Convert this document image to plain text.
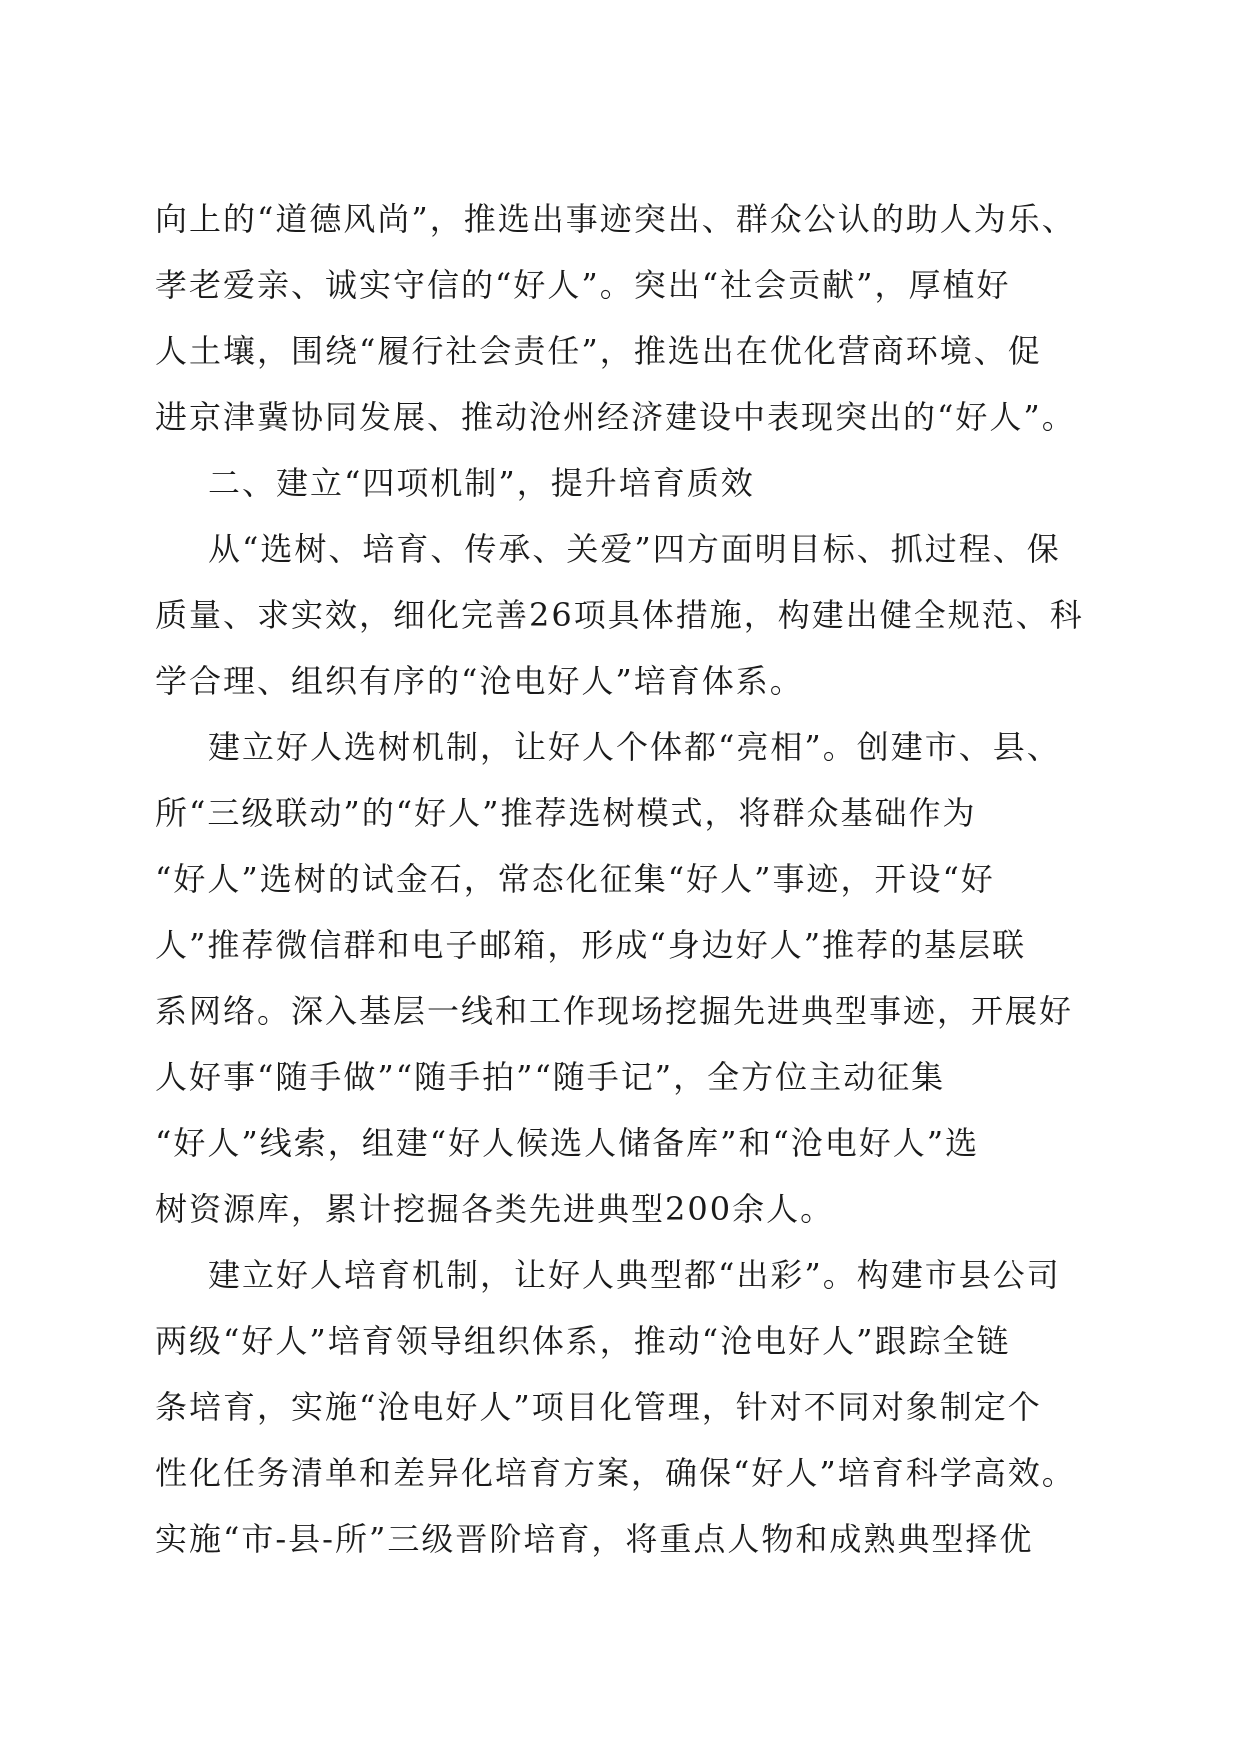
向上的“道德风尚”，推选出事迹突出、群众公认的助人为乐、
孝老爱亲、诚实守信的“好人”。突出“社会贡献”，厚植好
人土壤，围绕“履行社会责任”，推选出在优化营商环境、促
进京津冀协同发展、推动沧州经济建设中表现突出的“好人”。
二、建立“四项机制”，提升培育质效
从“选树、培育、传承、关爱”四方面明目标、抓过程、保
质量、求实效，细化完善26项具体措施，构建出健全规范、科
学合理、组织有序的“沧电好人”培育体系。
建立好人选树机制，让好人个体都“亮相”。创建市、县、
所“三级联动”的“好人”推荐选树模式，将群众基础作为
“好人”选树的试金石，常态化征集“好人”事迹，开设“好
人”推荐微信群和电子邮箱，形成“身边好人”推荐的基层联
系网络。深入基层一线和工作现场挖掘先进典型事迹，开展好
人好事“随手做”“随手拍”“随手记”，全方位主动征集
“好人”线索，组建“好人候选人储备库”和“沧电好人”选
树资源库，累计挖掘各类先进典型200余人。
建立好人培育机制，让好人典型都“出彩”。构建市县公司
两级“好人”培育领导组织体系，推动“沧电好人”跟踪全链
条培育，实施“沧电好人”项目化管理，针对不同对象制定个
性化任务清单和差异化培育方案，确保“好人”培育科学高效。
实施“市-县-所”三级晋阶培育，将重点人物和成熟典型择优
